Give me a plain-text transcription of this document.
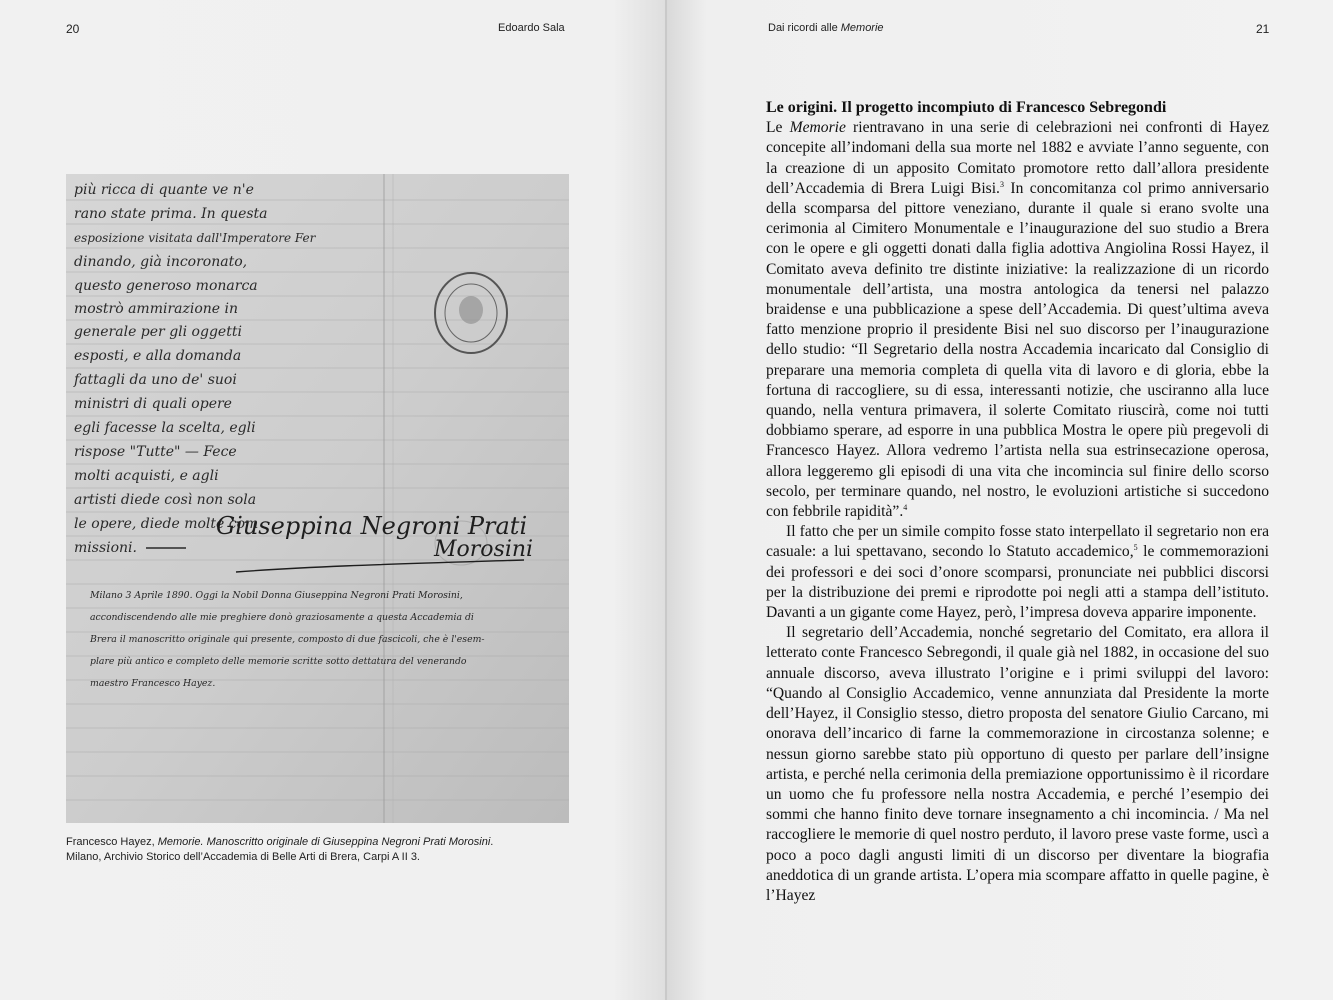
20	Edoardo Sala
più ricca di quante ve n'e
rano state prima. In questa
esposizione visitata dall'Imperatore Fer
dinando, già incoronato,
questo generoso monarca
mostrò ammirazione in
generale per gli oggetti
esposti, e alla domanda
fattagli da uno de' suoi
ministri di quali opere
egli facesse la scelta, egli
rispose "Tutte" — Fece
molti acquisti, e agli
artisti diede così non sola
le opere, diede molte com
missioni.
Giuseppina Negroni Prati
Morosini
Milano 3 Aprile 1890. Oggi la Nobil Donna Giuseppina Negroni Prati Morosini,
accondiscendendo alle mie preghiere donò graziosamente a questa Accademia di
Brera il manoscritto originale qui presente, composto di due fascicoli, che è l'esem-
plare più antico e completo delle memorie scritte sotto dettatura del venerando
maestro Francesco Hayez.
Francesco Hayez, Memorie. Manoscritto originale di Giuseppina Negroni Prati Morosini.
Milano, Archivio Storico dell’Accademia di Belle Arti di Brera, Carpi A II 3.
Dai ricordi alle Memorie	21
Le origini. Il progetto incompiuto di Francesco Sebregondi

Le Memorie rientravano in una serie di celebrazioni nei confronti di Hayez concepite all’indomani della sua morte nel 1882 e avviate l’anno seguente, con la creazione di un apposito Comitato promotore retto dall’allora presidente dell’Accademia di Brera Luigi Bisi.$^3$ In concomitanza col primo anniversario della scomparsa del pittore veneziano, durante il quale si erano svolte una cerimonia al Cimitero Monumentale e l’inaugurazione del suo studio a Brera con le opere e gli oggetti donati dalla figlia adottiva Angiolina Rossi Hayez, il Comitato aveva definito tre distinte iniziative: la realizzazione di un ricordo monumentale dell’artista, una mostra antologica da tenersi nel palazzo braidense e una pubblicazione a spese dell’Accademia. Di quest’ultima aveva fatto menzione proprio il presidente Bisi nel suo discorso per l’inaugurazione dello studio: “Il Segretario della nostra Accademia incaricato dal Consiglio di preparare una memoria completa di quella vita di lavoro e di gloria, ebbe la fortuna di raccogliere, su di essa, interessanti notizie, che usciranno alla luce quando, nella ventura primavera, il solerte Comitato riuscirà, come noi tutti dobbiamo sperare, ad esporre in una pubblica Mostra le opere più pregevoli di Francesco Hayez. Allora vedremo l’artista nella sua estrinsecazione operosa, allora leggeremo gli episodi di una vita che incomincia sul finire dello scorso secolo, per terminare quando, nel nostro, le evoluzioni artistiche si succedono con febbrile rapidità”.$^4$

Il fatto che per un simile compito fosse stato interpellato il segretario non era casuale: a lui spettavano, secondo lo Statuto accademico,$^5$ le commemorazioni dei professori e dei soci d’onore scomparsi, pronunciate nei pubblici discorsi per la distribuzione dei premi e riprodotte poi negli atti a stampa dell’istituto. Davanti a un gigante come Hayez, però, l’impresa doveva apparire imponente.

Il segretario dell’Accademia, nonché segretario del Comitato, era allora il letterato conte Francesco Sebregondi, il quale già nel 1882, in occasione del suo annuale discorso, aveva illustrato l’origine e i primi sviluppi del lavoro: “Quando al Consiglio Accademico, venne annunziata dal Presidente la morte dell’Hayez, il Consiglio stesso, dietro proposta del senatore Giulio Carcano, mi onorava dell’incarico di farne la commemorazione in circostanza solenne; e nessun giorno sarebbe stato più opportuno di questo per parlare dell’insigne artista, e perché nella cerimonia della premiazione opportunissimo è il ricordare un uomo che fu professore nella nostra Accademia, e perché l’esempio dei sommi che hanno finito deve tornare insegnamento a chi incomincia. / Ma nel raccogliere le memorie di quel nostro perduto, il lavoro prese vaste forme, uscì a poco a poco dagli angusti limiti di un discorso per diventare la biografia aneddotica di un grande artista. L’opera mia scompare affatto in quelle pagine, è l’Hayez
